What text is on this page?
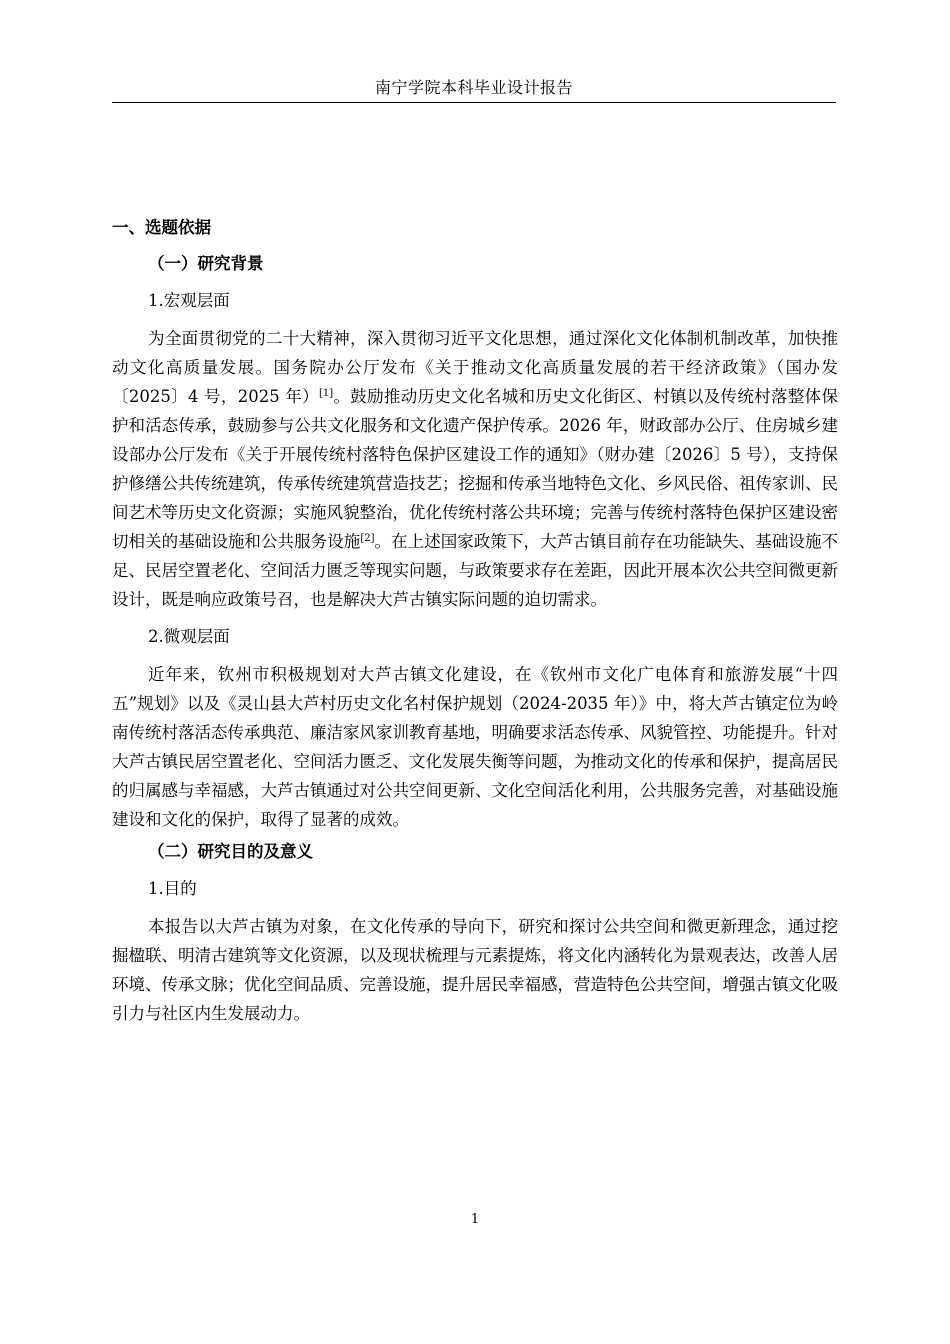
南宁学院本科毕业设计报告
一、选题依据
（一）研究背景
1.宏观层面

为全面贯彻党的二十大精神，深入贯彻习近平文化思想，通过深化文化体制机制改革，加快推动文化高质量发展。国务院办公厅发布《关于推动文化高质量发展的若干经济政策》（国办发〔2025〕4 号，2025 年）[1]。鼓励推动历史文化名城和历史文化街区、村镇以及传统村落整体保护和活态传承，鼓励参与公共文化服务和文化遗产保护传承。2026 年，财政部办公厅、住房城乡建设部办公厅发布《关于开展传统村落特色保护区建设工作的通知》（财办建〔2026〕5 号），支持保护修缮公共传统建筑，传承传统建筑营造技艺；挖掘和传承当地特色文化、乡风民俗、祖传家训、民间艺术等历史文化资源；实施风貌整治，优化传统村落公共环境；完善与传统村落特色保护区建设密切相关的基础设施和公共服务设施[2]。在上述国家政策下，大芦古镇目前存在功能缺失、基础设施不足、民居空置老化、空间活力匮乏等现实问题，与政策要求存在差距，因此开展本次公共空间微更新设计，既是响应政策号召，也是解决大芦古镇实际问题的迫切需求。

2.微观层面

近年来，钦州市积极规划对大芦古镇文化建设，在《钦州市文化广电体育和旅游发展“十四五”规划》以及《灵山县大芦村历史文化名村保护规划（2024-2035 年）》中，将大芦古镇定位为岭南传统村落活态传承典范、廉洁家风家训教育基地，明确要求活态传承、风貌管控、功能提升。针对大芦古镇民居空置老化、空间活力匮乏、文化发展失衡等问题，为推动文化的传承和保护，提高居民的归属感与幸福感，大芦古镇通过对公共空间更新、文化空间活化利用，公共服务完善，对基础设施建设和文化的保护，取得了显著的成效。

（二）研究目的及意义
1.目的

本报告以大芦古镇为对象，在文化传承的导向下，研究和探讨公共空间和微更新理念，通过挖掘楹联、明清古建筑等文化资源，以及现状梳理与元素提炼，将文化内涵转化为景观表达，改善人居环境、传承文脉；优化空间品质、完善设施，提升居民幸福感，营造特色公共空间，增强古镇文化吸引力与社区内生发展动力。

1
